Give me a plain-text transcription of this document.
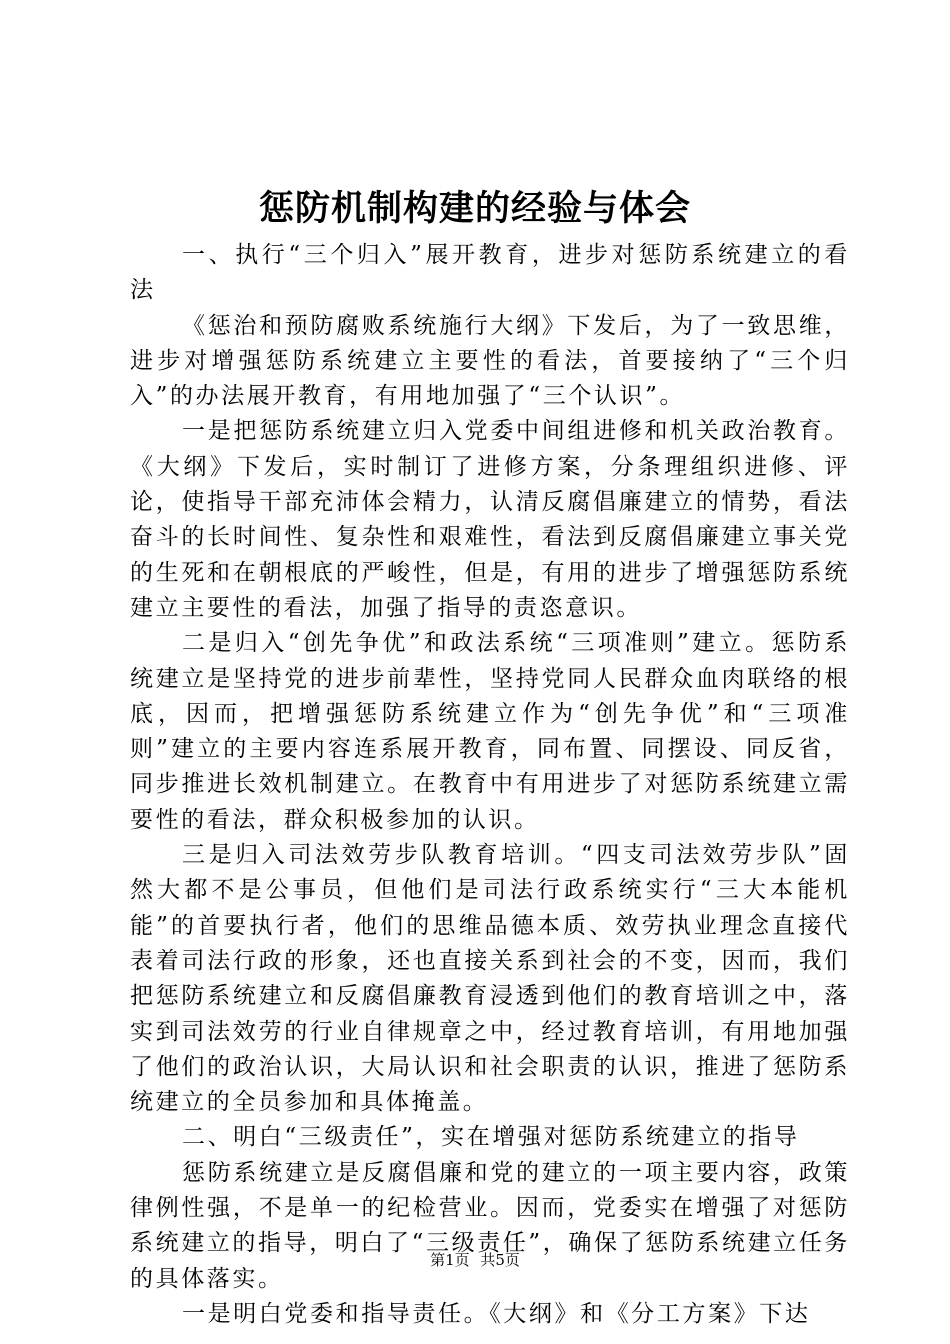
惩防机制构建的经验与体会

一、执行“三个归入”展开教育，进步对惩防系统建立的看法

《惩治和预防腐败系统施行大纲》下发后，为了一致思维，进步对增强惩防系统建立主要性的看法，首要接纳了“三个归入”的办法展开教育，有用地加强了“三个认识”。

一是把惩防系统建立归入党委中间组进修和机关政治教育。《大纲》下发后，实时制订了进修方案，分条理组织进修、评论，使指导干部充沛体会精力，认清反腐倡廉建立的情势，看法奋斗的长时间性、复杂性和艰难性，看法到反腐倡廉建立事关党的生死和在朝根底的严峻性，但是，有用的进步了增强惩防系统建立主要性的看法，加强了指导的责恣意识。

二是归入“创先争优”和政法系统“三项准则”建立。惩防系统建立是坚持党的进步前辈性，坚持党同人民群众血肉联络的根底，因而，把增强惩防系统建立作为“创先争优”和“三项准则”建立的主要内容连系展开教育，同布置、同摆设、同反省，同步推进长效机制建立。在教育中有用进步了对惩防系统建立需要性的看法，群众积极参加的认识。

三是归入司法效劳步队教育培训。“四支司法效劳步队”固然大都不是公事员，但他们是司法行政系统实行“三大本能机能”的首要执行者，他们的思维品德本质、效劳执业理念直接代表着司法行政的形象，还也直接关系到社会的不变，因而，我们把惩防系统建立和反腐倡廉教育浸透到他们的教育培训之中，落实到司法效劳的行业自律规章之中，经过教育培训，有用地加强了他们的政治认识，大局认识和社会职责的认识，推进了惩防系统建立的全员参加和具体掩盖。

二、明白“三级责任”，实在增强对惩防系统建立的指导

惩防系统建立是反腐倡廉和党的建立的一项主要内容，政策律例性强，不是单一的纪检营业。因而，党委实在增强了对惩防系统建立的指导，明白了“三级责任”，确保了惩防系统建立任务的具体落实。

一是明白党委和指导责任。《大纲》和《分工方案》下达

第1页 共5页
